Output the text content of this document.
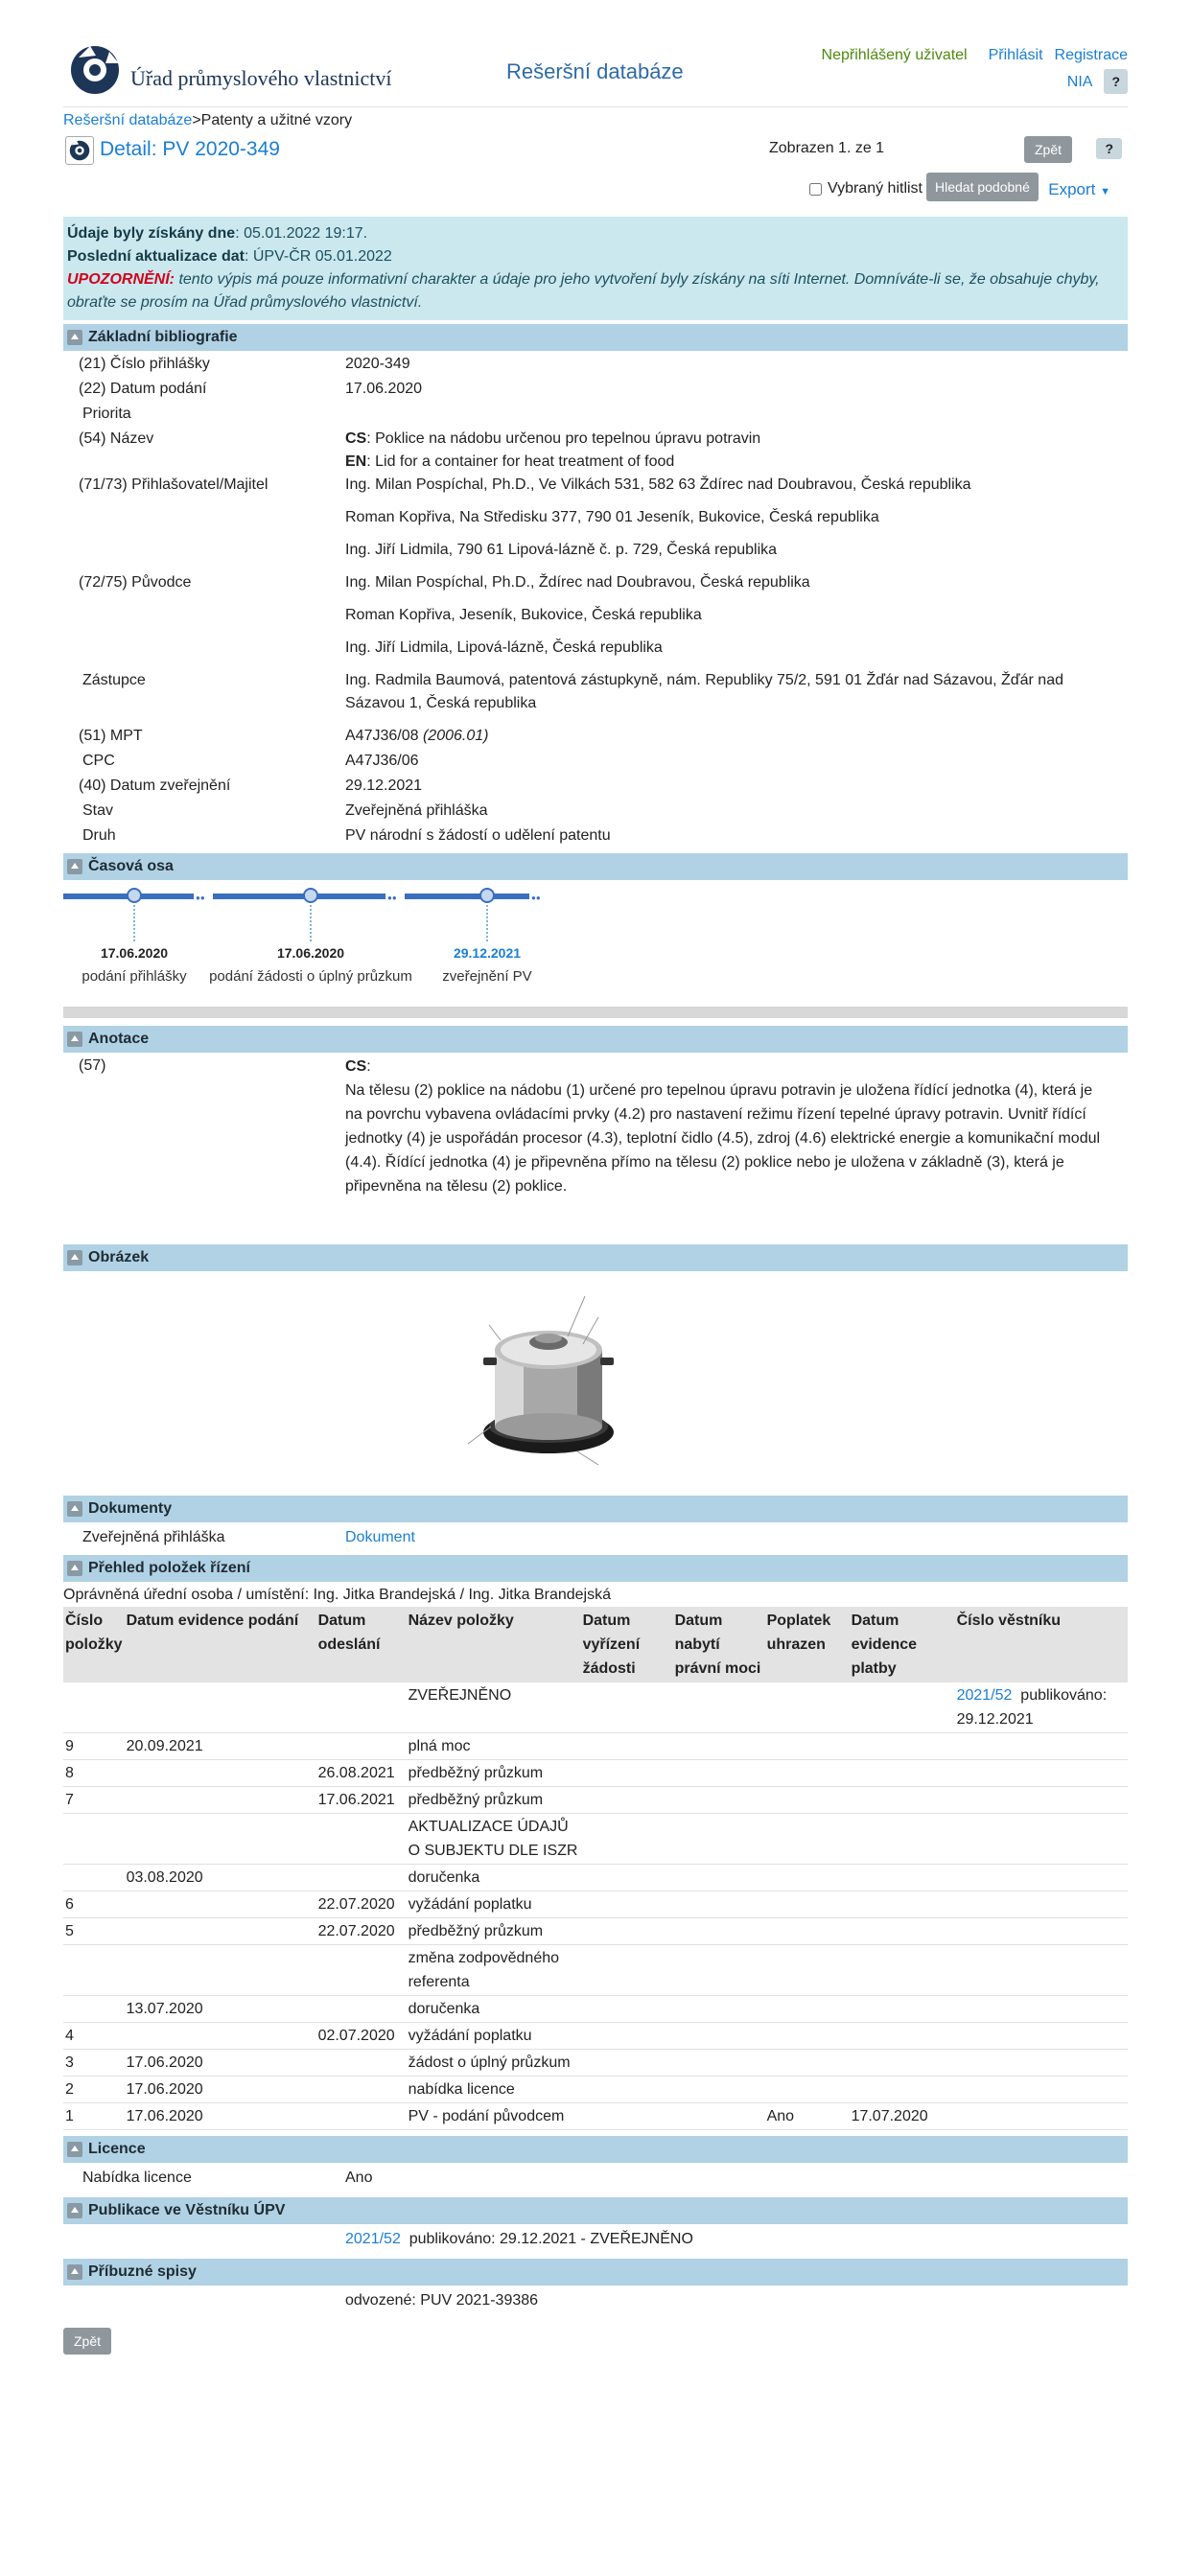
Úřad průmyslového vlastnictví	Rešeršní databáze
Nepřihlášený uživatel Přihlásit Registrace
NIA ?
Rešeršní databáze>Patenty a užitné vzory
Detail: PV 2020-349	Zobrazen 1. ze 1	Zpět	?
Vybraný hitlist Hledat podobné	Export ▼
Údaje byly získány dne: 05.01.2022 19:17.
Poslední aktualizace dat: ÚPV-ČR 05.01.2022
UPOZORNĚNÍ: tento výpis má pouze informativní charakter a údaje pro jeho vytvoření byly získány na síti Internet. Domníváte-li se, že obsahuje chyby, obraťte se prosím na Úřad průmyslového vlastnictví.
Základní bibliografie
(21) Číslo přihlášky	2020-349
(22) Datum podání	17.06.2020
Priorita
(54) Název	CS: Poklice na nádobu určenou pro tepelnou úpravu potravin
EN: Lid for a container for heat treatment of food
(71/73) Přihlašovatel/Majitel	Ing. Milan Pospíchal, Ph.D., Ve Vilkách 531, 582 63 Ždírec nad Doubravou, Česká republika
Roman Kopřiva, Na Středisku 377, 790 01 Jeseník, Bukovice, Česká republika
Ing. Jiří Lidmila, 790 61 Lipová-lázně č. p. 729, Česká republika
(72/75) Původce	Ing. Milan Pospíchal, Ph.D., Ždírec nad Doubravou, Česká republika
Roman Kopřiva, Jeseník, Bukovice, Česká republika
Ing. Jiří Lidmila, Lipová-lázně, Česká republika
Zástupce	Ing. Radmila Baumová, patentová zástupkyně, nám. Republiky 75/2, 591 01 Žďár nad Sázavou, Žďár nad Sázavou 1, Česká republika
(51) MPT	A47J36/08 (2006.01)
CPC	A47J36/06
(40) Datum zveřejnění	29.12.2021
Stav	Zveřejněná přihláška
Druh	PV národní s žádostí o udělení patentu
Časová osa
●●	●●	●●
17.06.2020
podání přihlášky
17.06.2020
podání žádosti o úplný průzkum
29.12.2021
zveřejnění PV
Anotace
(57)	CS:
Na tělesu (2) poklice na nádobu (1) určené pro tepelnou úpravu potravin je uložena řídící jednotka (4), která je na povrchu vybavena ovládacími prvky (4.2) pro nastavení režimu řízení tepelné úpravy potravin. Uvnitř řídící jednotky (4) je uspořádán procesor (4.3), teplotní čidlo (4.5), zdroj (4.6) elektrické energie a komunikační modul (4.4). Řídící jednotka (4) je připevněna přímo na tělesu (2) poklice nebo je uložena v základně (3), která je připevněna na tělesu (2) poklice.
Obrázek
Dokumenty
Zveřejněná přihláška	Dokument
Přehled položek řízení
Oprávněná úřední osoba / umístění: Ing. Jitka Brandejská / Ing. Jitka Brandejská
Číslo položky	Datum evidence podání	Datum odeslání	Název položky	Datum vyřízení žádosti	Datum nabytí právní moci	Poplatek uhrazen	Datum evidence platby	Číslo věstníku
			ZVEŘEJNĚNO					2021/52 publikováno: 29.12.2021
9	20.09.2021		plná moc					
8		26.08.2021	předběžný průzkum					
7		17.06.2021	předběžný průzkum					
			AKTUALIZACE ÚDAJŮ O SUBJEKTU DLE ISZR					
	03.08.2020		doručenka					
6		22.07.2020	vyžádání poplatku					
5		22.07.2020	předběžný průzkum					
			změna zodpovědného referenta					
	13.07.2020		doručenka					
4		02.07.2020	vyžádání poplatku					
3	17.06.2020		žádost o úplný průzkum					
2	17.06.2020		nabídka licence					
1	17.06.2020		PV - podání původcem			Ano	17.07.2020	
Licence
Nabídka licence	Ano
Publikace ve Věstníku ÚPV
2021/52 publikováno: 29.12.2021 - ZVEŘEJNĚNO
Příbuzné spisy
odvozené: PUV 2021-39386
Zpět
